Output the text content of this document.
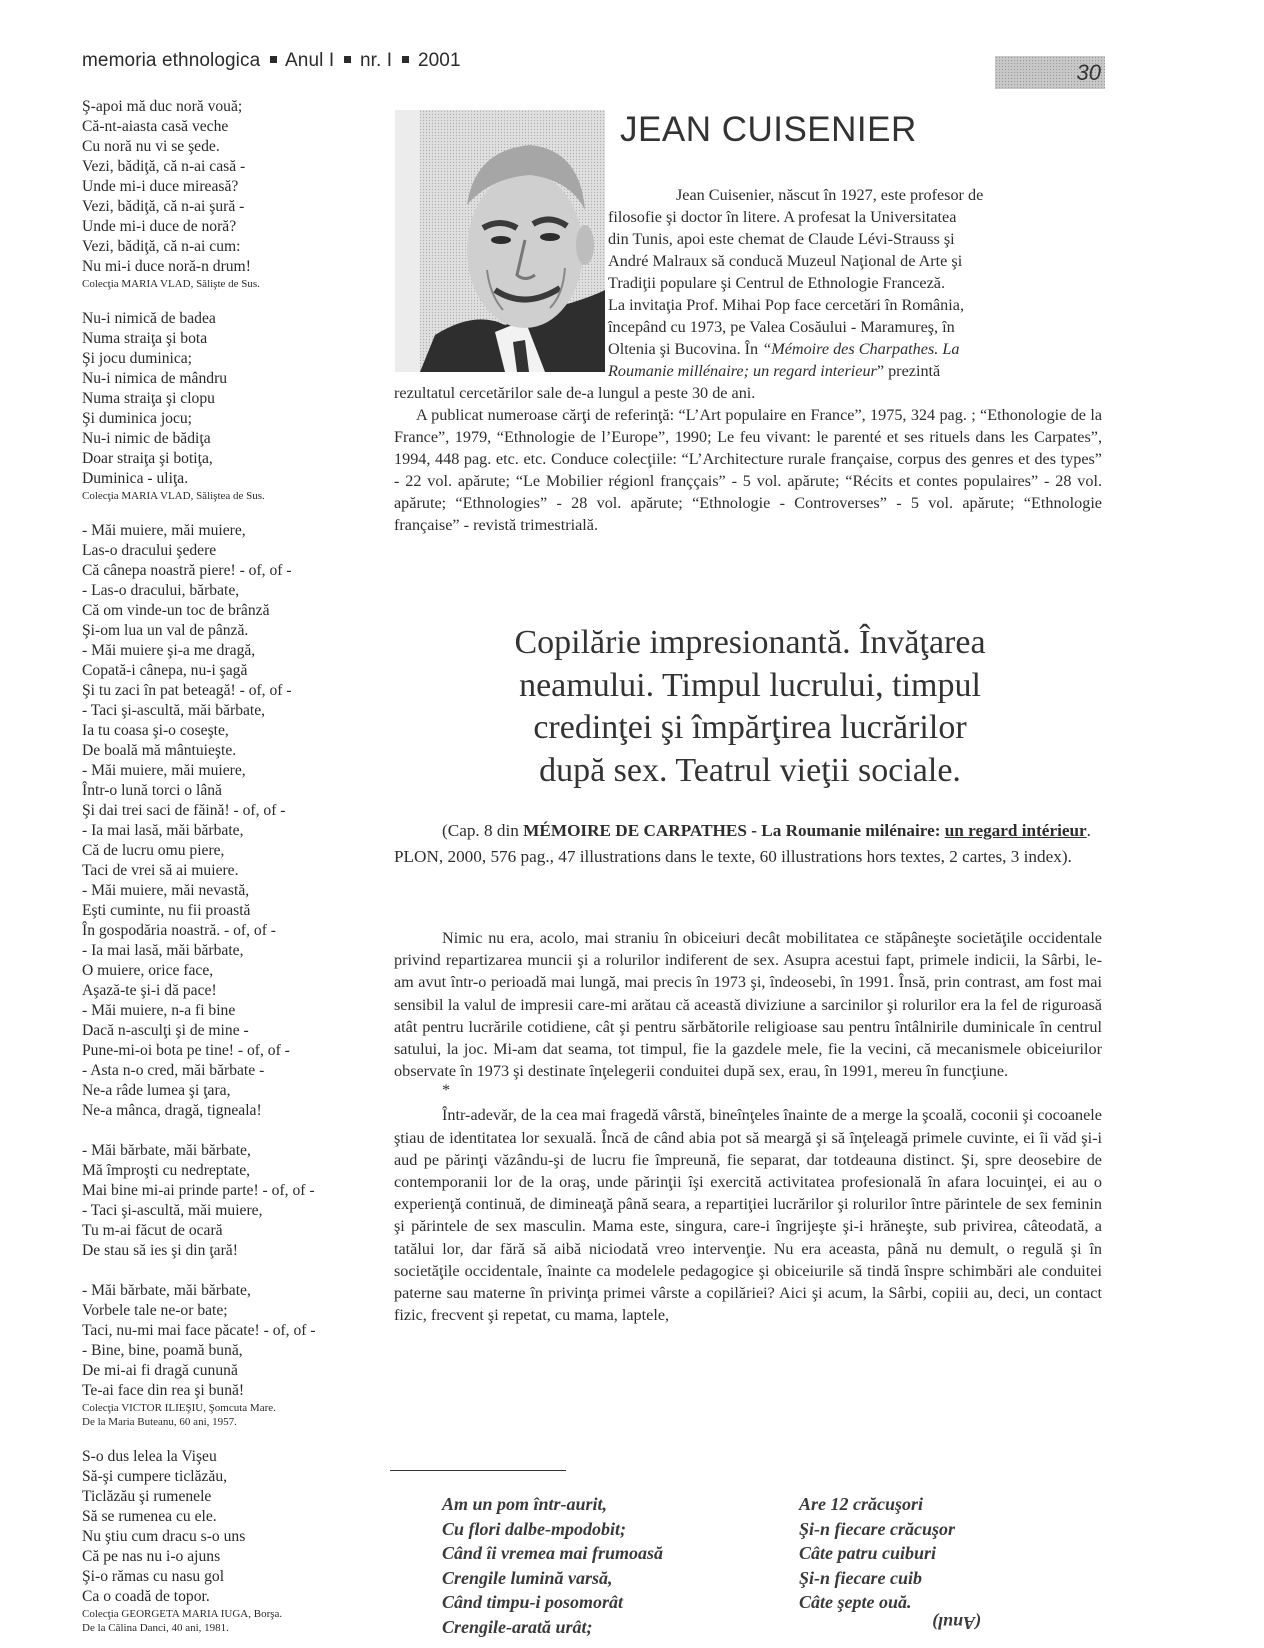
memoria ethnologica Anul I nr. I 2001	30
Ş-apoi mă duc noră vouă;
Că-nt-aiasta casă veche
Cu noră nu vi se şede.
Vezi, bădiţă, că n-ai casă -
Unde mi-i duce mireasă?
Vezi, bădiţă, că n-ai şură -
Unde mi-i duce de noră?
Vezi, bădiţă, că n-ai cum:
Nu mi-i duce noră-n drum!
Colecţia MARIA VLAD, Sălişte de Sus.
Nu-i nimică de badea
Numa straiţa şi bota
Şi jocu duminica;
Nu-i nimica de mândru
Numa straiţa şi clopu
Şi duminica jocu;
Nu-i nimic de bădiţa
Doar straiţa şi botiţa,
Duminica - uliţa.
Colecţia MARIA VLAD, Săliştea de Sus.
- Măi muiere, măi muiere,
Las-o dracului şedere
Că cânepa noastră piere! - of, of -
- Las-o dracului, bărbate,
Că om vinde-un toc de brânză
Şi-om lua un val de pânză.
- Măi muiere şi-a me dragă,
Copată-i cânepa, nu-i şagă
Şi tu zaci în pat beteagă! - of, of -
- Taci şi-ascultă, măi bărbate,
Ia tu coasa şi-o coseşte,
De boală mă mântuieşte.
- Măi muiere, măi muiere,
Într-o lună torci o lână
Şi dai trei saci de făină! - of, of -
- Ia mai lasă, măi bărbate,
Că de lucru omu piere,
Taci de vrei să ai muiere.
- Măi muiere, măi nevastă,
Eşti cuminte, nu fii proastă
În gospodăria noastră. - of, of -
- Ia mai lasă, măi bărbate,
O muiere, orice face,
Aşază-te şi-i dă pace!
- Măi muiere, n-a fi bine
Dacă n-asculţi şi de mine -
Pune-mi-oi bota pe tine! - of, of -
- Asta n-o cred, măi bărbate -
Ne-a râde lumea şi ţara,
Ne-a mânca, dragă, tigneala!
- Măi bărbate, măi bărbate,
Mă împroşti cu nedreptate,
Mai bine mi-ai prinde parte! - of, of -
- Taci şi-ascultă, măi muiere,
Tu m-ai făcut de ocară
De stau să ies şi din ţară!
- Măi bărbate, măi bărbate,
Vorbele tale ne-or bate;
Taci, nu-mi mai face păcate! - of, of -
- Bine, bine, poamă bună,
De mi-ai fi dragă cunună
Te-ai face din rea şi bună!
Colecţia VICTOR ILIEŞIU, Şomcuta Mare.
De la Maria Buteanu, 60 ani, 1957.
S-o dus lelea la Vişeu
Să-şi cumpere ticlăzău,
Ticlăzău şi rumenele
Să se rumenea cu ele.
Nu ştiu cum dracu s-o uns
Că pe nas nu i-o ajuns
Şi-o rămas cu nasu gol
Ca o coadă de topor.
Colecţia GEORGETA MARIA IUGA, Borşa.
De la Călina Danci, 40 ani, 1981.
JEAN CUISENIER

Jean Cuisenier, născut în 1927, este profesor de

filosofie şi doctor în litere. A profesat la Universitatea

din Tunis, apoi este chemat de Claude Lévi-Strauss şi

André Malraux să conducă Muzeul Naţional de Arte şi

Tradiţii populare şi Centrul de Ethnologie Franceză.

La invitaţia Prof. Mihai Pop face cercetări în România,

începând cu 1973, pe Valea Cosăului - Maramureş, în

Oltenia şi Bucovina. În “Mémoire des Charpathes. La

Roumanie millénaire; un regard interieur” prezintă

rezultatul cercetărilor sale de-a lungul a peste 30 de ani.

A publicat numeroase cărţi de referinţă: “L’Art populaire en France”, 1975, 324 pag. ; “Ethonologie de la France”, 1979, “Ethnologie de l’Europe”, 1990; Le feu vivant: le parenté et ses rituels dans les Carpates”, 1994, 448 pag. etc. etc. Conduce colecţiile: “L’Architecture rurale française, corpus des genres et des types” - 22 vol. apărute; “Le Mobilier régionl franççais” - 5 vol. apărute; “Récits et contes populaires” - 28 vol. apărute; “Ethnologies” - 28 vol. apărute; “Ethnologie - Controverses” - 5 vol. apărute; “Ethnologie française” - revistă trimestrială.

Copilărie impresionantă. Învăţarea
neamului. Timpul lucrului, timpul
credinţei şi împărţirea lucrărilor
după sex. Teatrul vieţii sociale.
(Cap. 8 din MÉMOIRE DE CARPATHES - La Roumanie milénaire: un regard intérieur. PLON, 2000, 576 pag., 47 illustrations dans le texte, 60 illustrations hors textes, 2 cartes, 3 index).

Nimic nu era, acolo, mai straniu în obiceiuri decât mobilitatea ce stăpâneşte societăţile occidentale privind repartizarea muncii şi a rolurilor indiferent de sex. Asupra acestui fapt, primele indicii, la Sârbi, le-am avut într-o perioadă mai lungă, mai precis în 1973 şi, îndeosebi, în 1991. Însă, prin contrast, am fost mai sensibil la valul de impresii care-mi arătau că această diviziune a sarcinilor şi rolurilor era la fel de riguroasă atât pentru lucrările cotidiene, cât şi pentru sărbătorile religioase sau pentru întâlnirile duminicale în centrul satului, la joc. Mi-am dat seama, tot timpul, fie la gazdele mele, fie la vecini, că mecanismele obiceiurilor observate în 1973 şi destinate înţelegerii conduitei după sex, erau, în 1991, mereu în funcţiune.

*

Într-adevăr, de la cea mai fragedă vârstă, bineînţeles înainte de a merge la şcoală, coconii şi cocoanele ştiau de identitatea lor sexuală. Încă de când abia pot să meargă şi să înţeleagă primele cuvinte, ei îi văd şi-i aud pe părinţi văzându-şi de lucru fie împreună, fie separat, dar totdeauna distinct. Şi, spre deosebire de contemporanii lor de la oraş, unde părinţii îşi exercită activitatea profesională în afara locuinţei, ei au o experienţă continuă, de dimineaţă până seara, a repartiţiei lucrărilor şi rolurilor între părintele de sex feminin şi părintele de sex masculin. Mama este, singura, care-i îngrijeşte şi-i hrăneşte, sub privirea, câteodată, a tatălui lor, dar fără să aibă niciodată vreo intervenţie. Nu era aceasta, până nu demult, o regulă şi în societăţile occidentale, înainte ca modelele pedagogice şi obiceiurile să tindă înspre schimbări ale conduitei paterne sau materne în privinţa primei vârste a copilăriei? Aici şi acum, la Sârbi, copiii au, deci, un contact fizic, frecvent şi repetat, cu mama, laptele,

Am un pom într-aurit,
Cu flori dalbe-mpodobit;
Când îi vremea mai frumoasă
Crengile lumină varsă,
Când timpu-i posomorât
Crengile-arată urât;
Are 12 crăcuşori
Şi-n fiecare crăcuşor
Câte patru cuiburi
Şi-n fiecare cuib
Câte şepte ouă.
(Anul)
